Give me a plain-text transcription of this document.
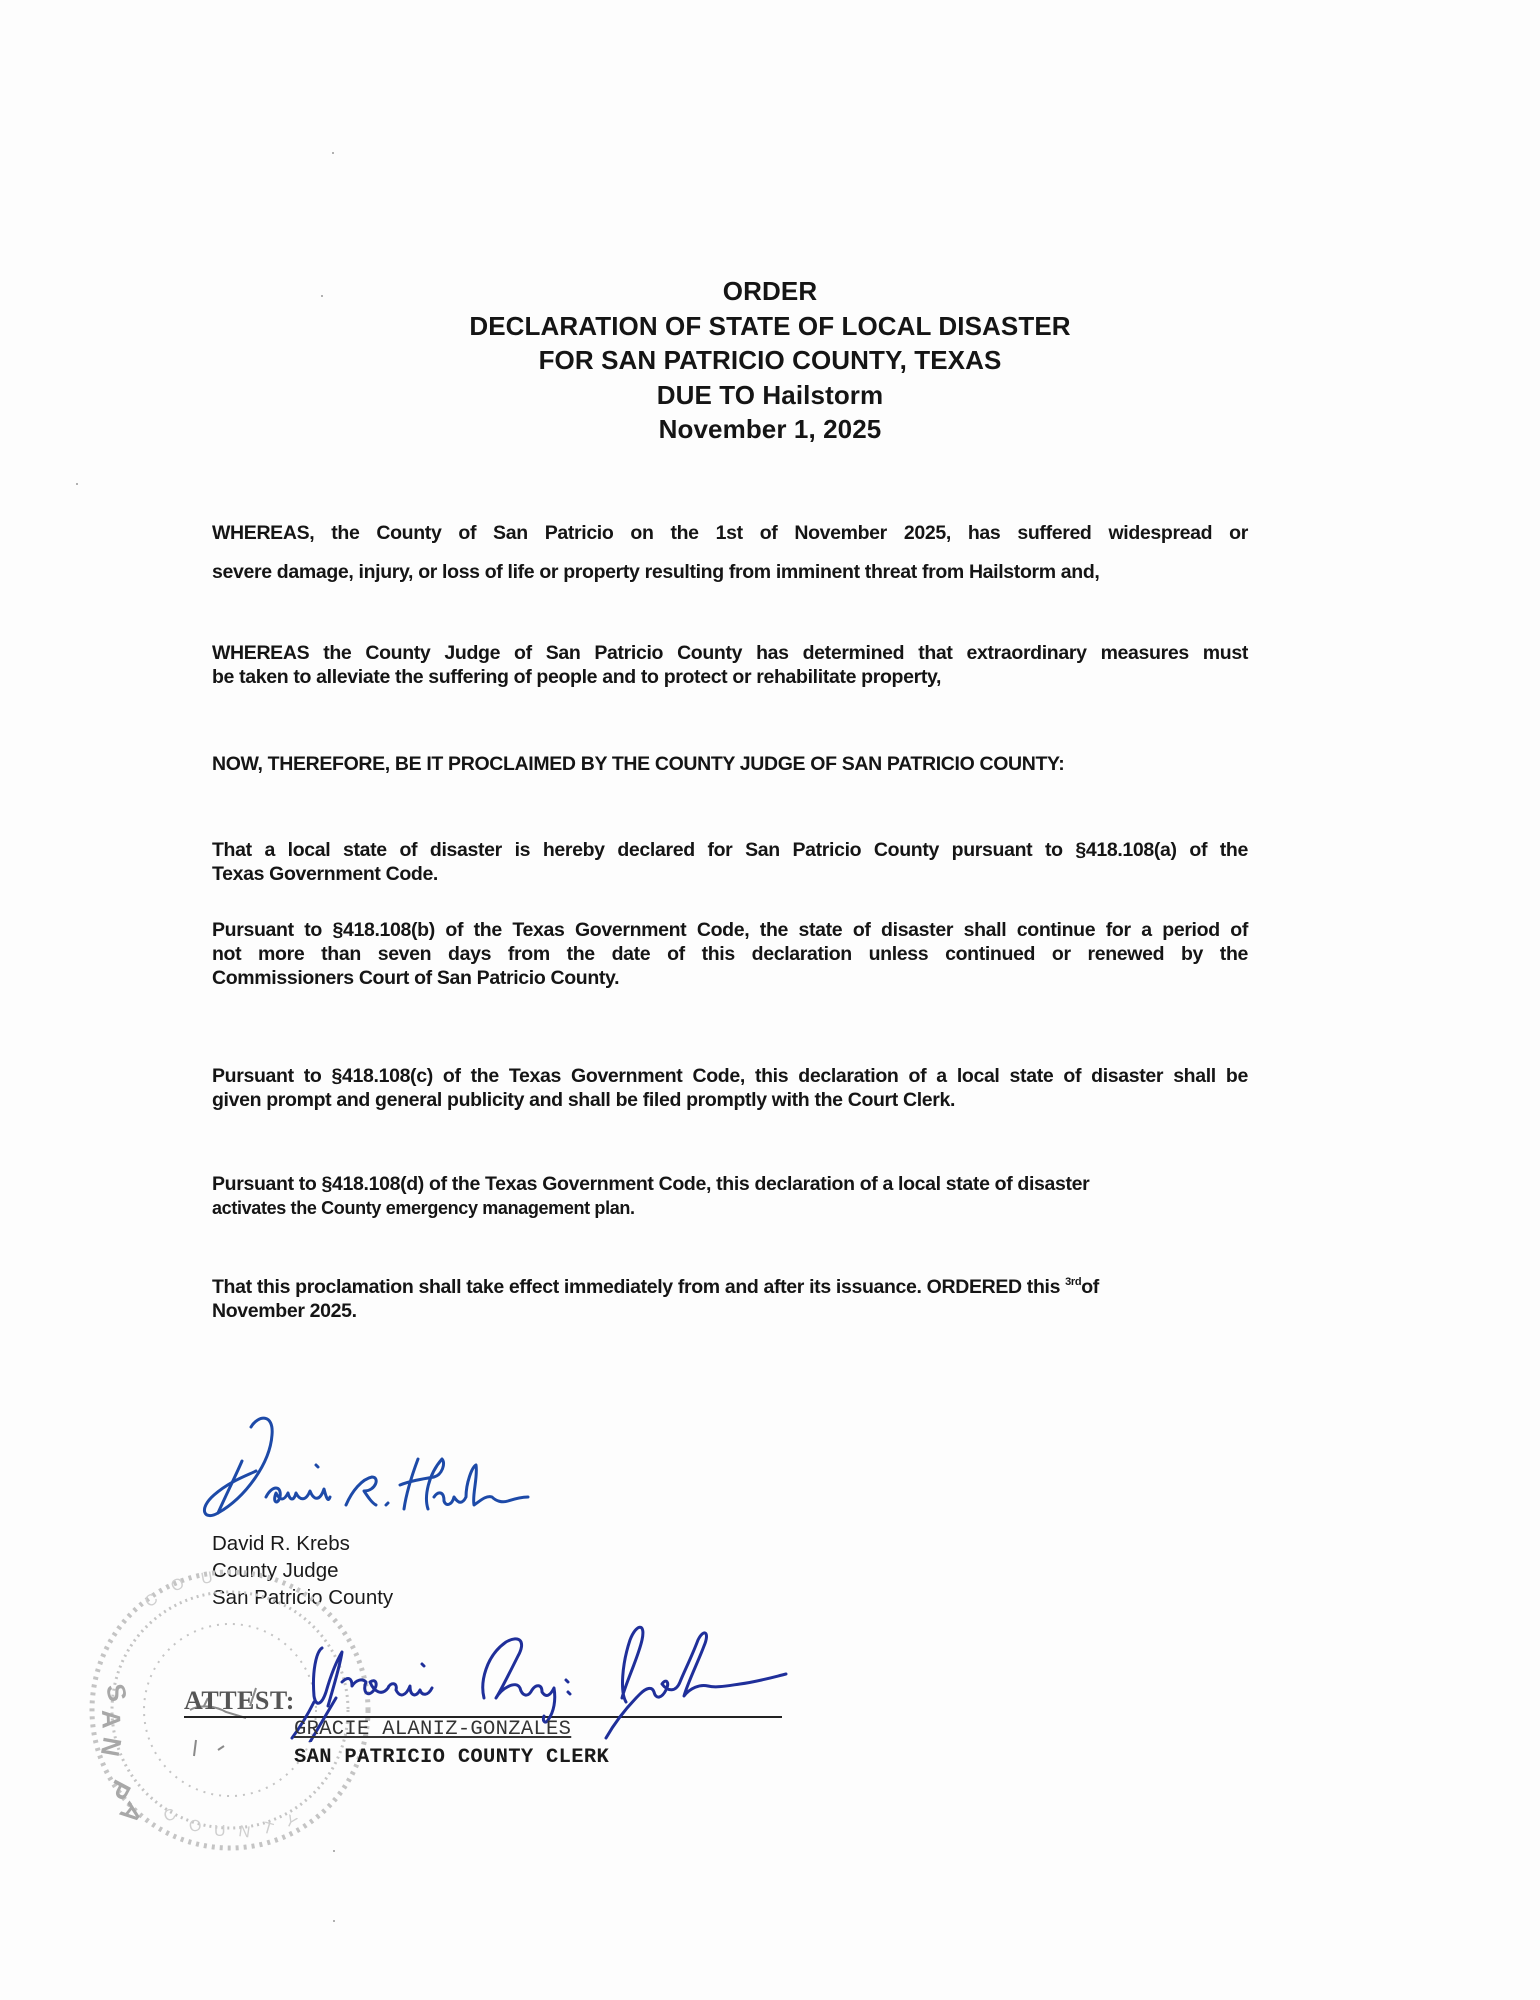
ORDER
DECLARATION OF STATE OF LOCAL DISASTER
FOR SAN PATRICIO COUNTY, TEXAS
DUE TO Hailstorm
November 1, 2025
WHEREAS, the County of San Patricio on the 1st of November 2025, has suffered widespread or
severe damage, injury, or loss of life or property resulting from imminent threat from Hailstorm and,
WHEREAS the County Judge of San Patricio County has determined that extraordinary measures must
be taken to alleviate the suffering of people and to protect or rehabilitate property,
NOW, THEREFORE, BE IT PROCLAIMED BY THE COUNTY JUDGE OF SAN PATRICIO COUNTY:
That a local state of disaster is hereby declared for San Patricio County pursuant to §418.108(a) of the
Texas Government Code.
Pursuant to §418.108(b) of the Texas Government Code, the state of disaster shall continue for a period of
not more than seven days from the date of this declaration unless continued or renewed by the
Commissioners Court of San Patricio County.
Pursuant to §418.108(c) of the Texas Government Code, this declaration of a local state of disaster shall be
given prompt and general publicity and shall be filed promptly with the Court Clerk.
Pursuant to §418.108(d) of the Texas Government Code, this declaration of a local state of disaster
activates the County emergency management plan.
That this proclamation shall take effect immediately from and after its issuance. ORDERED this $^{3rd}$of
November 2025.
David R. Krebs
County Judge
San Patricio County
S
A
N
P
A C
O U N T Y
C
O U
ATTEST:
GRACIE ALANIZ-GONZALES
SAN PATRICIO COUNTY CLERK
